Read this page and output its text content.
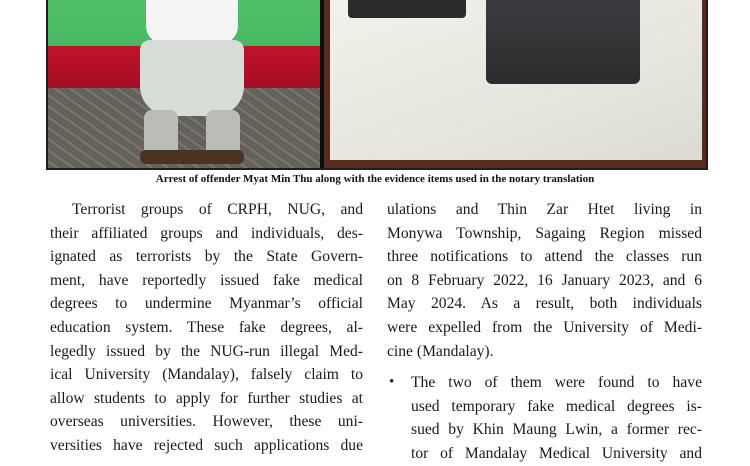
Arrest of offender Myat Min Thu along with the evidence items used in the notary translation
Terrorist groups of CRPH, NUG, and
their affiliated groups and individuals, des-
ignated as terrorists by the State Govern-
ment, have reportedly issued fake medical
degrees to undermine Myanmar’s official
education system. These fake degrees, al-
legedly issued by the NUG-run illegal Med-
ical University (Mandalay), falsely claim to
allow students to apply for further studies at
overseas universities. However, these uni-
versities have rejected such applications due
ulations and Thin Zar Htet living in
Monywa Township, Sagaing Region missed
three notifications to attend the classes run
on 8 February 2022, 16 January 2023, and 6
May 2024. As a result, both individuals
were expelled from the University of Medi-
cine (Mandalay).
•	The two of them were found to have
used temporary fake medical degrees is-
sued by Khin Maung Lwin, a former rec-
tor of Mandalay Medical University and
